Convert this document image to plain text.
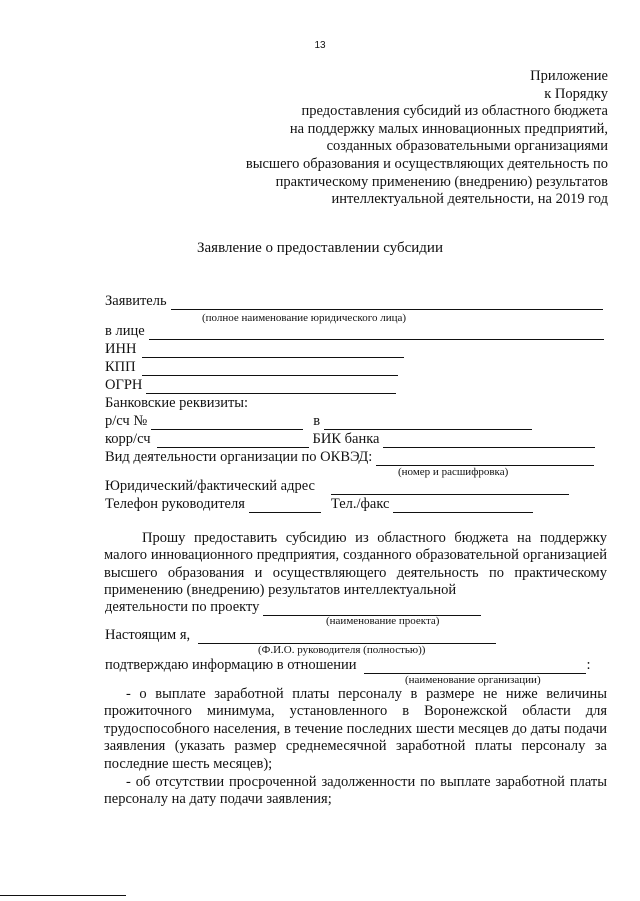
13
Приложение
к Порядку
предоставления субсидий из областного бюджета
на поддержку малых инновационных предприятий,
созданных образовательными организациями
высшего образования и осуществляющих деятельность по
практическому применению (внедрению) результатов
интеллектуальной деятельности, на 2019 год
Заявление о предоставлении субсидии
Заявитель
(полное наименование юридического лица)
в лице
ИНН
КПП
ОГРН
Банковские реквизиты:
р/сч №	в
корр/сч	БИК банка
Вид деятельности организации по ОКВЭД:
(номер и расшифровка)
Юридический/фактический адрес
Телефон руководителя	Тел./факс

Прошу предоставить субсидию из областного бюджета на поддержку малого инновационного предприятия, созданного образовательной организацией высшего образования и осуществляющего деятельность по практическому применению (внедрению) результатов интеллектуальной

деятельности по проекту
(наименование проекта)
Настоящим я,
(Ф.И.О. руководителя (полностью))
подтверждаю информацию в отношении	:
(наименование организации)

- о выплате заработной платы персоналу в размере не ниже величины прожиточного минимума, установленного в Воронежской области для трудоспособного населения, в течение последних шести месяцев до даты подачи заявления (указать размер среднемесячной заработной платы персоналу за последние шесть месяцев);

- об отсутствии просроченной задолженности по выплате заработной платы персоналу на дату подачи заявления;
